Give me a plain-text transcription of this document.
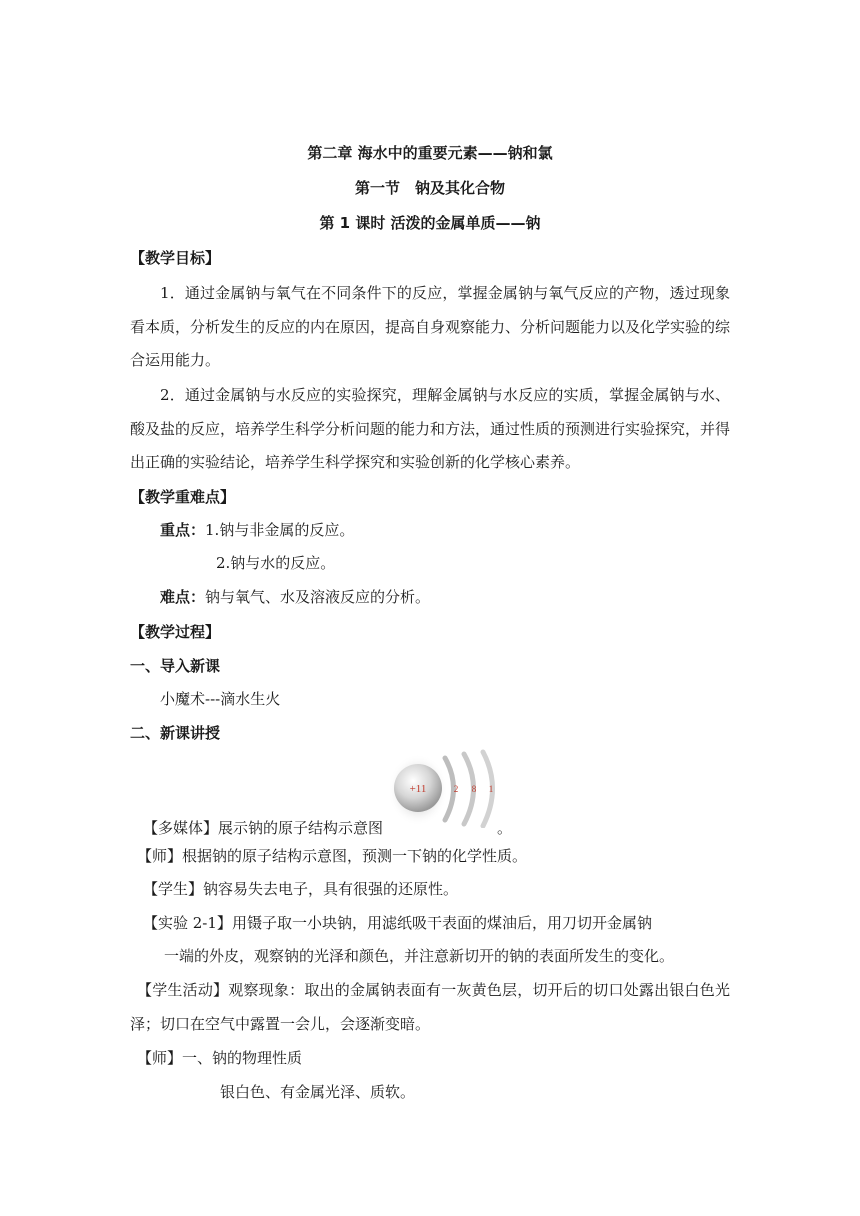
第二章 海水中的重要元素——钠和氯
第一节　钠及其化合物
第 1 课时 活泼的金属单质——钠
【教学目标】
1．通过金属钠与氧气在不同条件下的反应，掌握金属钠与氧气反应的产物，透过现象
看本质，分析发生的反应的内在原因，提高自身观察能力、分析问题能力以及化学实验的综
合运用能力。
2．通过金属钠与水反应的实验探究，理解金属钠与水反应的实质，掌握金属钠与水、
酸及盐的反应，培养学生科学分析问题的能力和方法，通过性质的预测进行实验探究，并得
出正确的实验结论，培养学生科学探究和实验创新的化学核心素养。
【教学重难点】
重点：1.钠与非金属的反应。
2.钠与水的反应。
难点：钠与氧气、水及溶液反应的分析。
【教学过程】
一、导入新课
小魔术---滴水生火
二、新课讲授
+11	2 8 1
【多媒体】展示钠的原子结构示意图	。
【师】根据钠的原子结构示意图，预测一下钠的化学性质。
【学生】钠容易失去电子，具有很强的还原性。
【实验 2-1】用镊子取一小块钠，用滤纸吸干表面的煤油后，用刀切开金属钠
一端的外皮，观察钠的光泽和颜色，并注意新切开的钠的表面所发生的变化。
【学生活动】观察现象：取出的金属钠表面有一灰黄色层，切开后的切口处露出银白色光
泽；切口在空气中露置一会儿，会逐渐变暗。
【师】一、钠的物理性质
银白色、有金属光泽、质软。
